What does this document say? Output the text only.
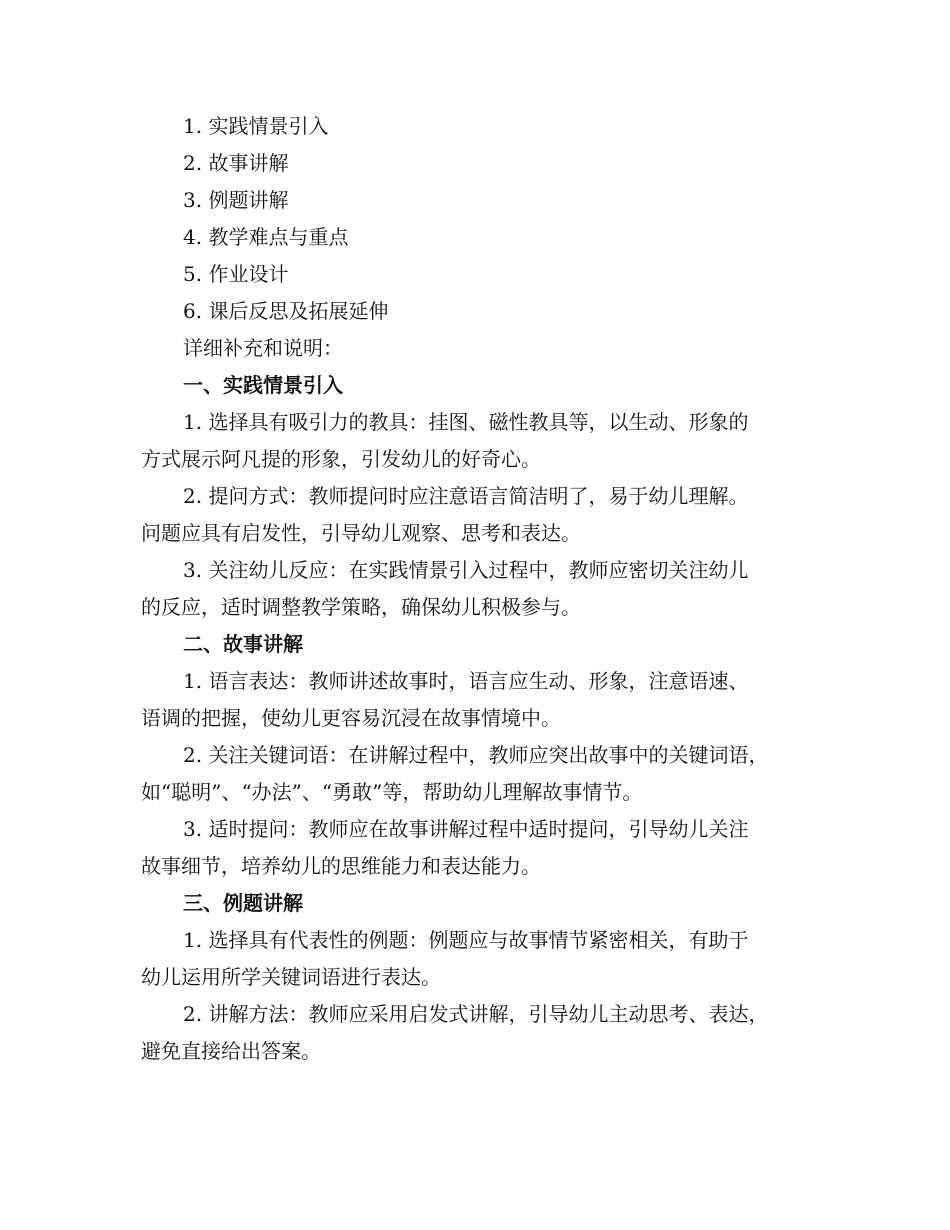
1. 实践情景引入
2. 故事讲解
3. 例题讲解
4. 教学难点与重点
5. 作业设计
6. 课后反思及拓展延伸
详细补充和说明：
一、实践情景引入
1. 选择具有吸引力的教具：挂图、磁性教具等，以生动、形象的
方式展示阿凡提的形象，引发幼儿的好奇心。
2. 提问方式：教师提问时应注意语言简洁明了，易于幼儿理解。
问题应具有启发性，引导幼儿观察、思考和表达。
3. 关注幼儿反应：在实践情景引入过程中，教师应密切关注幼儿
的反应，适时调整教学策略，确保幼儿积极参与。
二、故事讲解
1. 语言表达：教师讲述故事时，语言应生动、形象，注意语速、
语调的把握，使幼儿更容易沉浸在故事情境中。
2. 关注关键词语：在讲解过程中，教师应突出故事中的关键词语，
如“聪明”、“办法”、“勇敢”等，帮助幼儿理解故事情节。
3. 适时提问：教师应在故事讲解过程中适时提问，引导幼儿关注
故事细节，培养幼儿的思维能力和表达能力。
三、例题讲解
1. 选择具有代表性的例题：例题应与故事情节紧密相关，有助于
幼儿运用所学关键词语进行表达。
2. 讲解方法：教师应采用启发式讲解，引导幼儿主动思考、表达，
避免直接给出答案。
